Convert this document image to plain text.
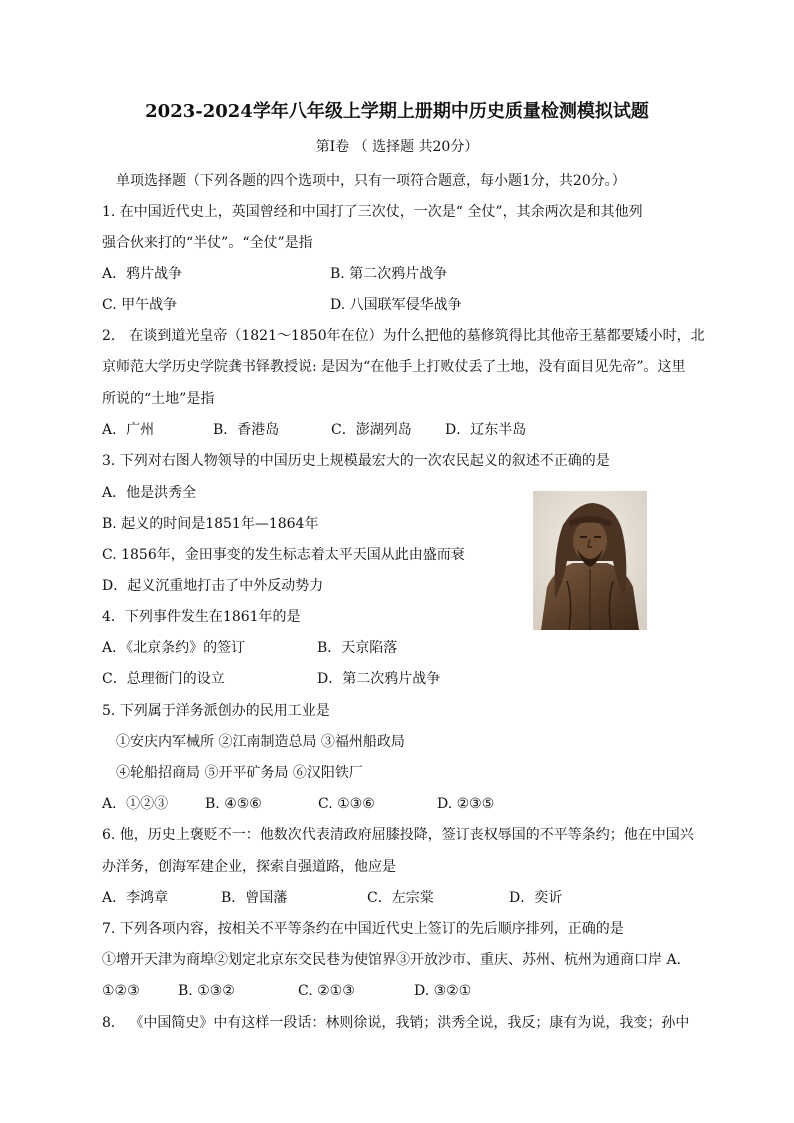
2023-2024学年八年级上学期上册期中历史质量检测模拟试题
第Ⅰ卷 （ 选择题 共20分）
单项选择题（下列各题的四个选项中，只有一项符合题意，每小题1分，共20分。）
1. 在中国近代史上，英国曾经和中国打了三次仗，一次是“ 全仗”，其余两次是和其他列
强合伙来打的“半仗”。“全仗”是指
A．鸦片战争	B. 第二次鸦片战争
C. 甲午战争	D. 八国联军侵华战争
2． 在谈到道光皇帝（1821～1850年在位）为什么把他的墓修筑得比其他帝王墓都要矮小时，北
京师范大学历史学院龚书铎教授说: 是因为“在他手上打败仗丢了土地，没有面目见先帝”。这里
所说的“土地”是指
A．广州	B．香港岛	C．澎湖列岛 D．辽东半岛
3. 下列对右图人物领导的中国历史上规模最宏大的一次农民起义的叙述不正确的是
A．他是洪秀全
B. 起义的时间是1851年—1864年
C. 1856年，金田事变的发生标志着太平天国从此由盛而衰
D．起义沉重地打击了中外反动势力
4．下列事件发生在1861年的是
A．《北京条约》的签订	B．天京陷落
C．总理衙门的设立	D．第二次鸦片战争
5. 下列属于洋务派创办的民用工业是
①安庆内军械所 ②江南制造总局 ③福州船政局
④轮船招商局 ⑤开平矿务局 ⑥汉阳铁厂
A．①②③	B. ④⑤⑥	C. ①③⑥	D. ②③⑤
6. 他，历史上褒贬不一：他数次代表清政府屈膝投降，签订丧权辱国的不平等条约；他在中国兴
办洋务，创海军建企业，探索自强道路，他应是
A．李鸿章	B．曾国藩	C．左宗棠	D．奕䜣
7. 下列各项内容，按相关不平等条约在中国近代史上签订的先后顺序排列，正确的是
①增开天津为商埠②划定北京东交民巷为使馆界③开放沙市、重庆、苏州、杭州为通商口岸 A.
①②③	B. ①③②	C. ②①③	D. ③②①
8． 《中国简史》中有这样一段话：林则徐说，我销；洪秀全说，我反；康有为说，我变；孙中
